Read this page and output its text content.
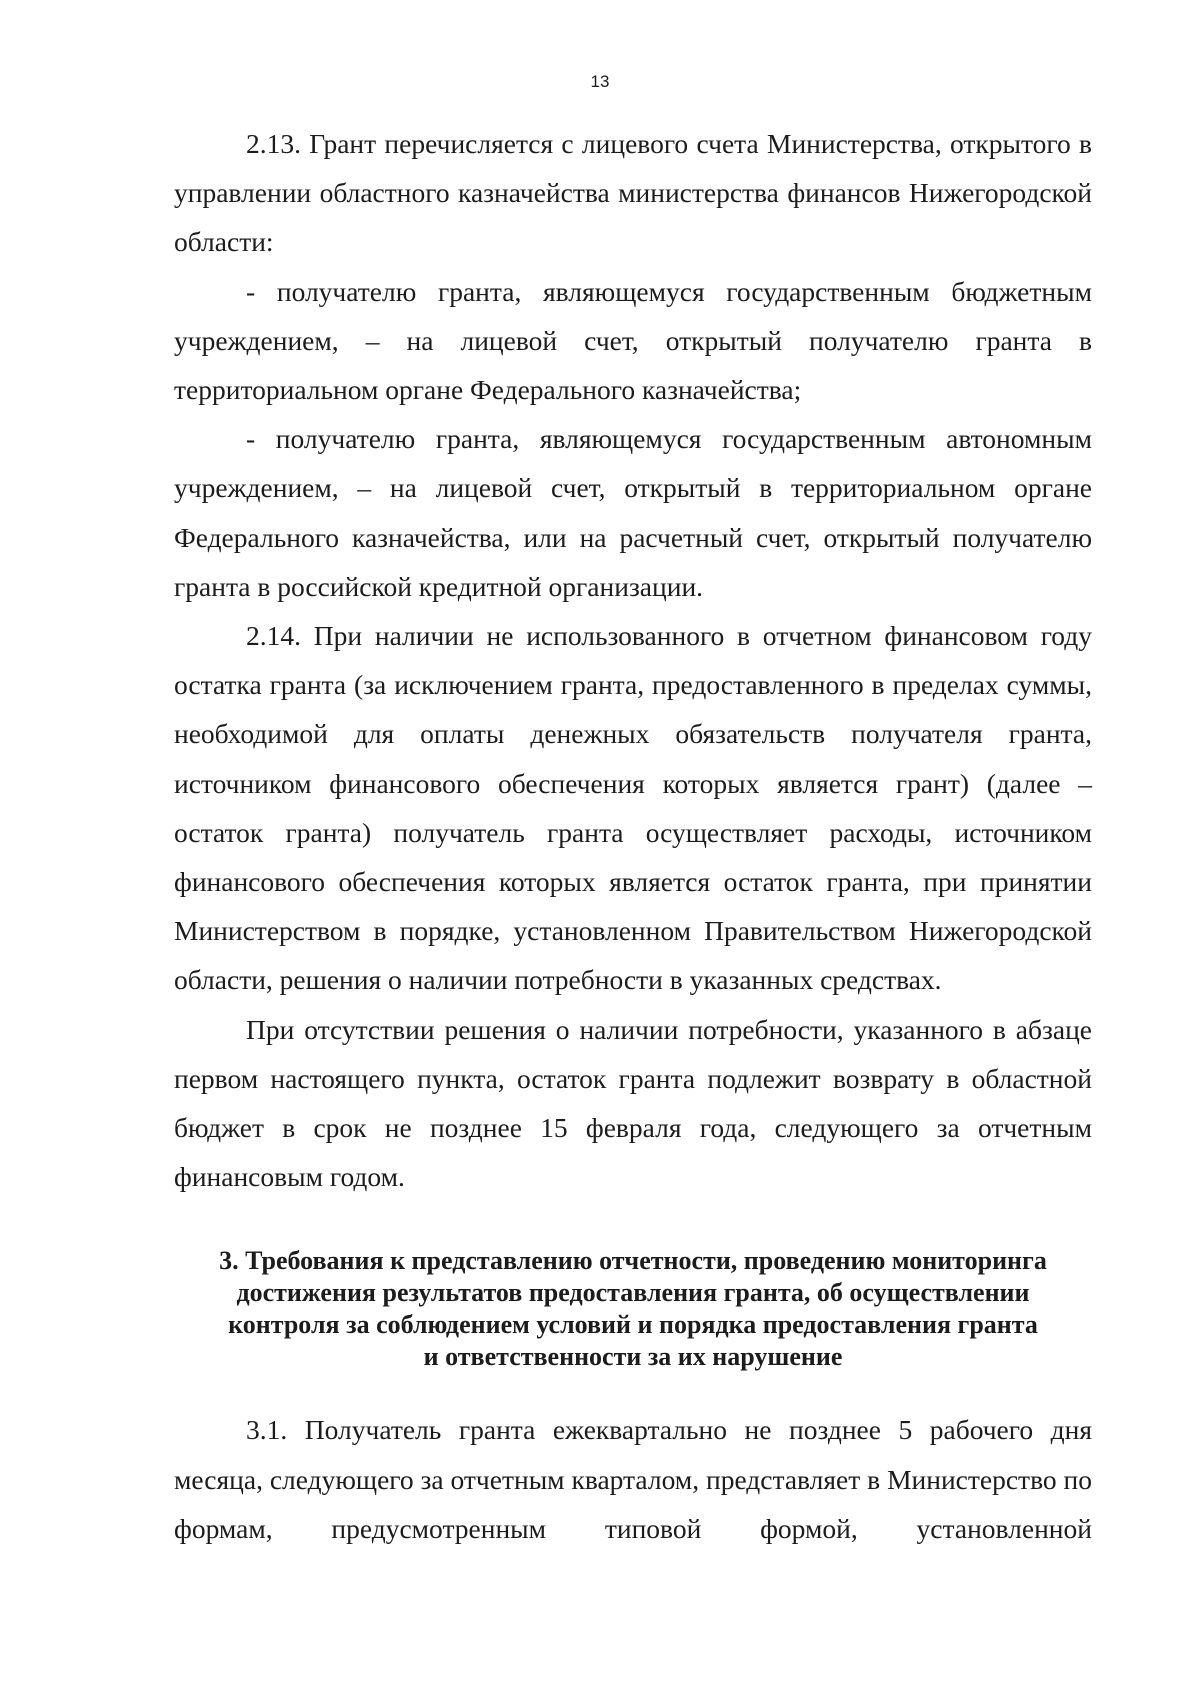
13

2.13. Грант перечисляется с лицевого счета Министерства, открытого в управлении областного казначейства министерства финансов Нижегородской области:

- получателю гранта, являющемуся государственным бюджетным учреждением, – на лицевой счет, открытый получателю гранта в территориальном органе Федерального казначейства;

- получателю гранта, являющемуся государственным автономным учреждением, – на лицевой счет, открытый в территориальном органе Федерального казначейства, или на расчетный счет, открытый получателю гранта в российской кредитной организации.

2.14. При наличии не использованного в отчетном финансовом году остатка гранта (за исключением гранта, предоставленного в пределах суммы, необходимой для оплаты денежных обязательств получателя гранта, источником финансового обеспечения которых является грант) (далее – остаток гранта) получатель гранта осуществляет расходы, источником финансового обеспечения которых является остаток гранта, при принятии Министерством в порядке, установленном Правительством Нижегородской области, решения о наличии потребности в указанных средствах.

При отсутствии решения о наличии потребности, указанного в абзаце первом настоящего пункта, остаток гранта подлежит возврату в областной бюджет в срок не позднее 15 февраля года, следующего за отчетным финансовым годом.

3. Требования к представлению отчетности, проведению мониторинга
достижения результатов предоставления гранта, об осуществлении
контроля за соблюдением условий и порядка предоставления гранта
и ответственности за их нарушение

3.1. Получатель гранта ежеквартально не позднее 5 рабочего дня месяца, следующего за отчетным кварталом, представляет в Министерство по формам, предусмотренным типовой формой, установленной
